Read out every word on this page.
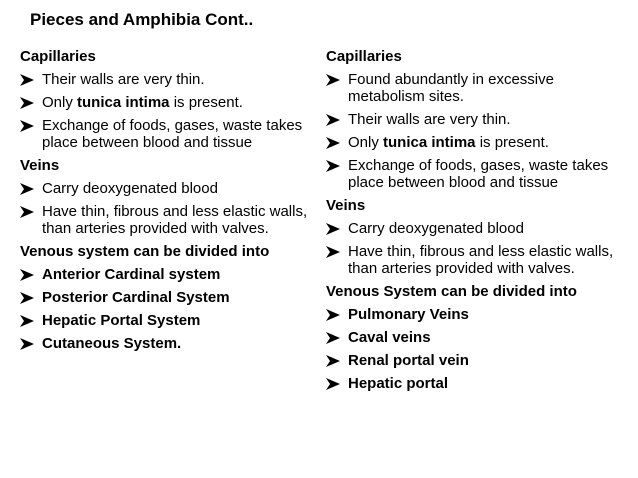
Pieces and Amphibia Cont..
Capillaries
Their walls are very thin.
Only tunica intima is present.
Exchange of foods, gases, waste takes place between blood and tissue
Veins
Carry deoxygenated blood
Have thin, fibrous and less elastic walls, than arteries provided with valves.
Venous system can be divided into
Anterior Cardinal system
Posterior Cardinal System
Hepatic Portal System
Cutaneous System.
Capillaries
Found abundantly in excessive metabolism sites.
Their walls are very thin.
Only tunica intima is present.
Exchange of foods, gases, waste takes place between blood and tissue
Veins
Carry deoxygenated blood
Have thin, fibrous and less elastic walls, than arteries provided with valves.
Venous System can be divided into
Pulmonary Veins
Caval veins
Renal portal vein
Hepatic portal
